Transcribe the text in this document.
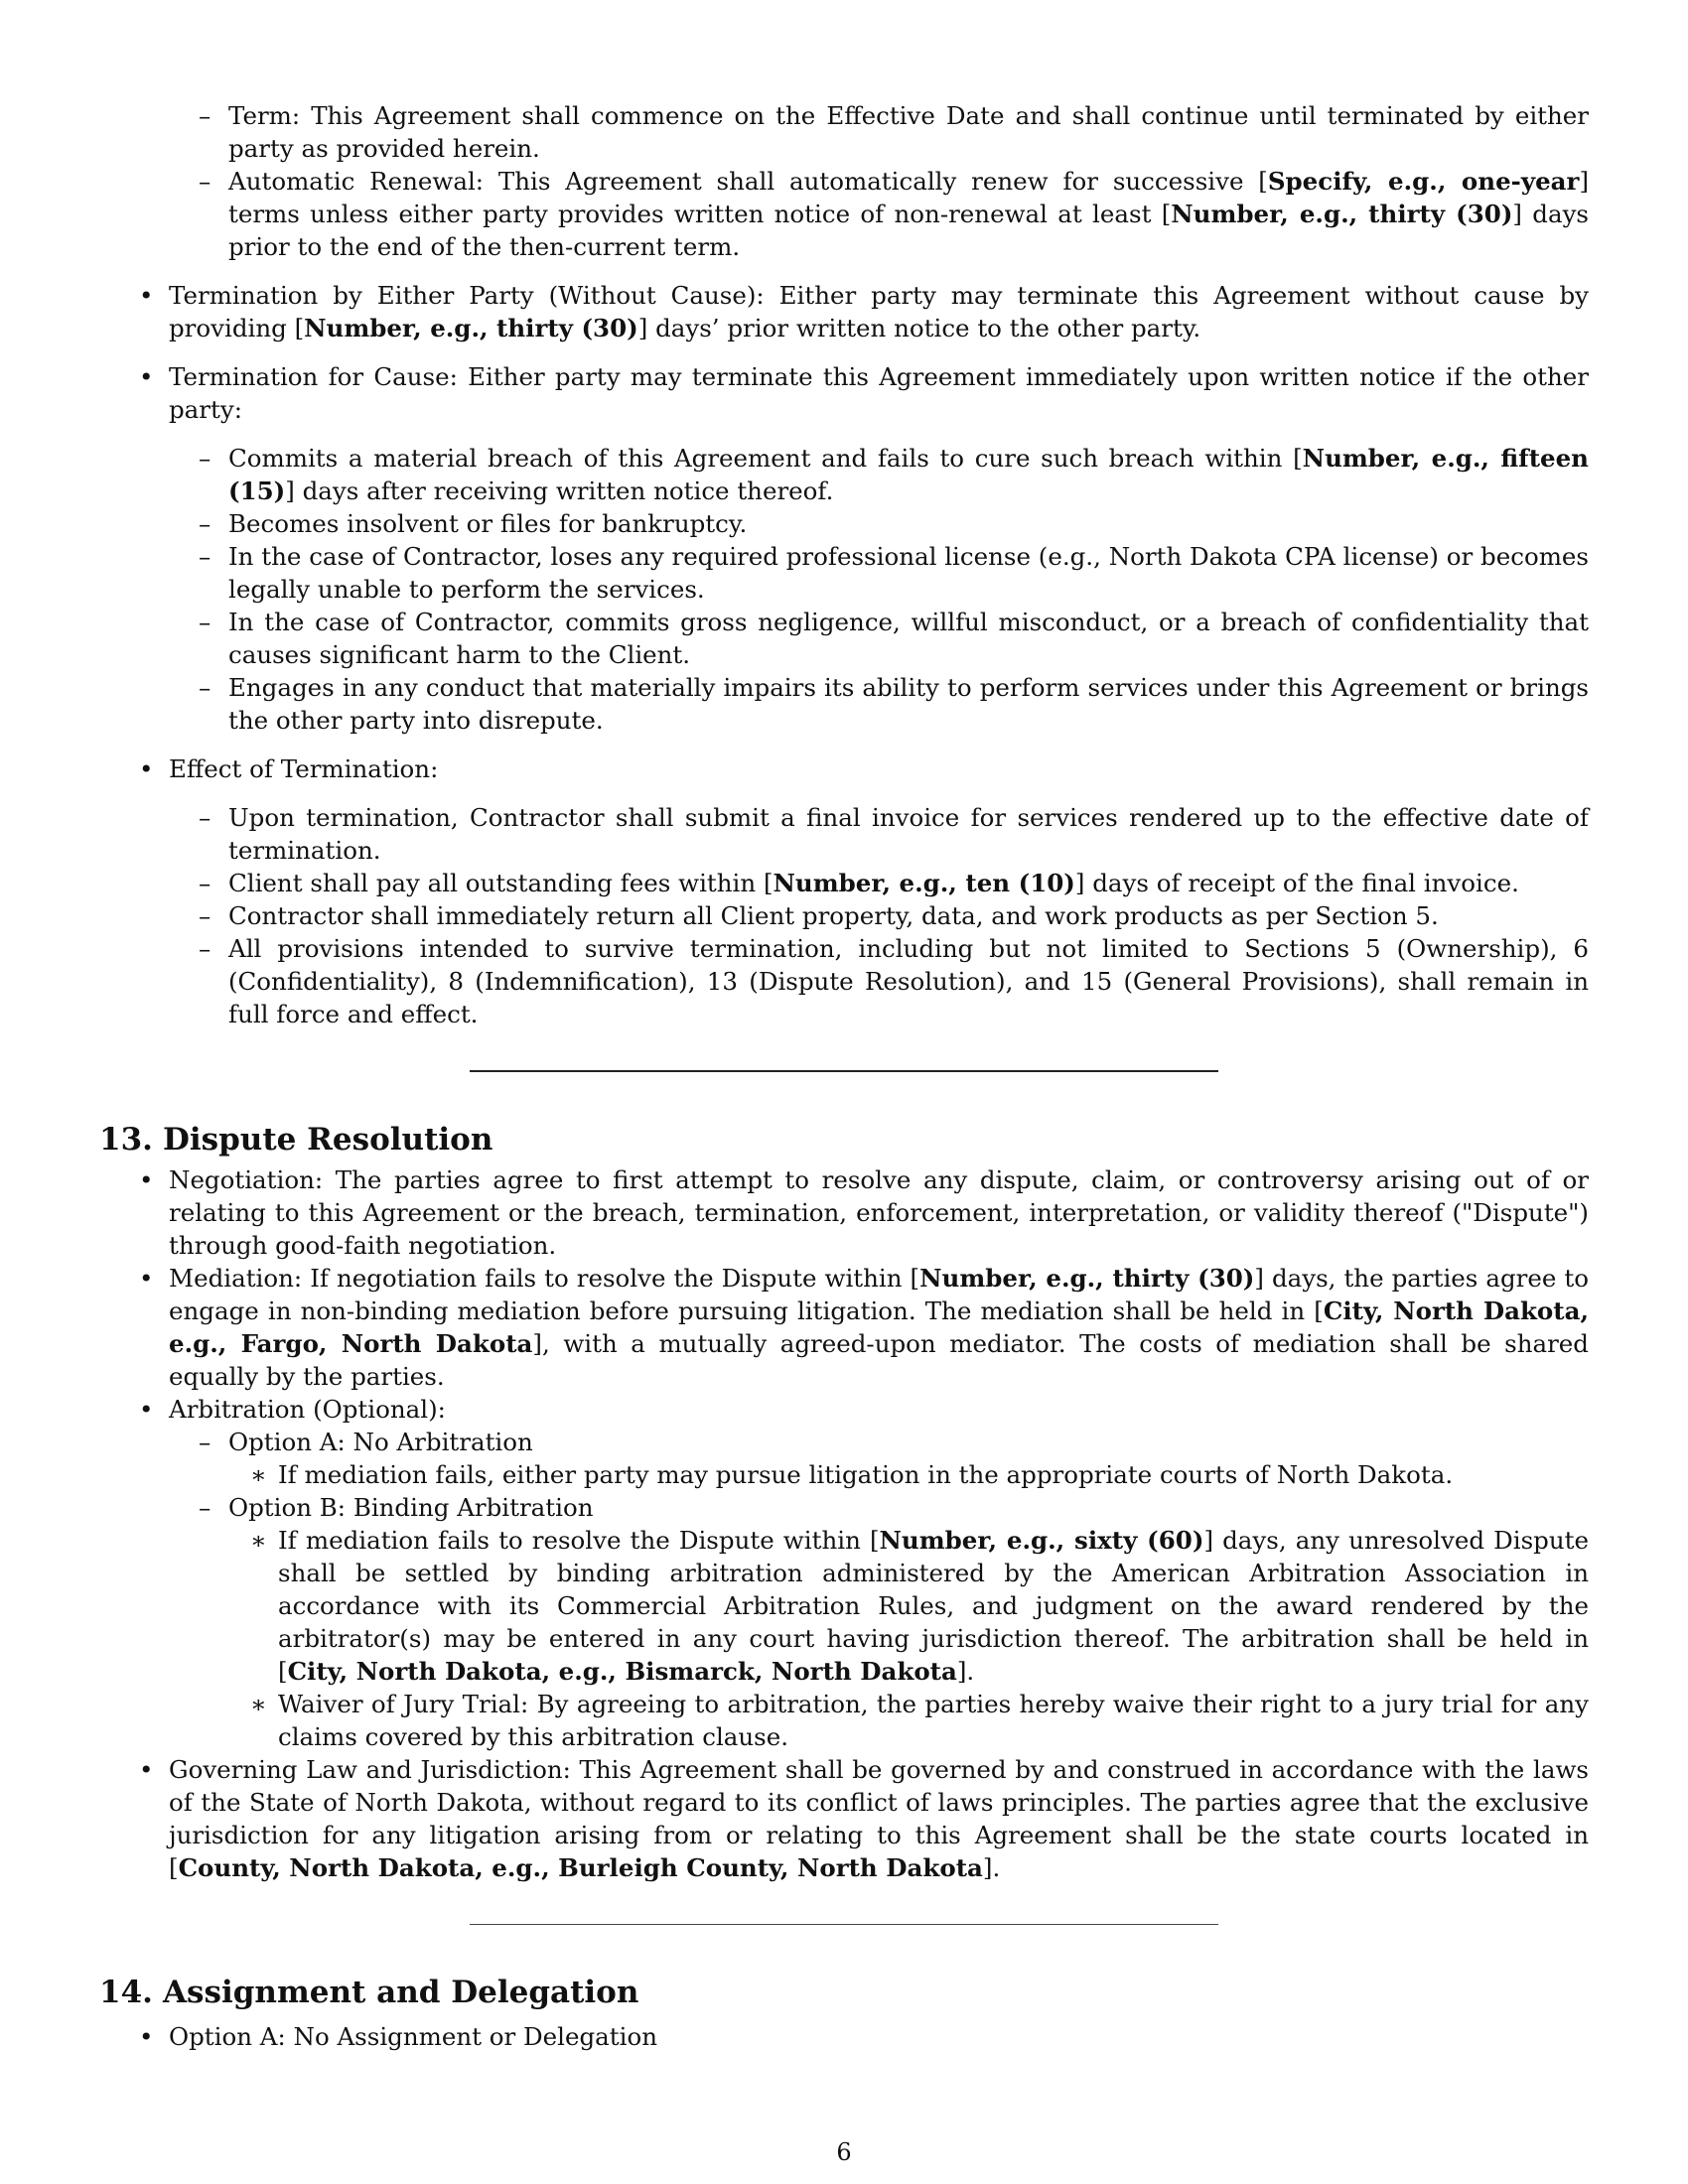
–
Term: This Agreement shall commence on the Effective Date and shall continue until terminated by either party as provided herein.
–
Automatic Renewal: This Agreement shall automatically renew for successive [Specify, e.g., one-year] terms unless either party provides written notice of non-renewal at least [Number, e.g., thirty (30)] days prior to the end of the then-current term.
•
Termination by Either Party (Without Cause): Either party may terminate this Agreement without cause by providing [Number, e.g., thirty (30)] days’ prior written notice to the other party.
•
Termination for Cause: Either party may terminate this Agreement immediately upon written notice if the other party:
–
Commits a material breach of this Agreement and fails to cure such breach within [Number, e.g., fifteen (15)] days after receiving written notice thereof.
–
Becomes insolvent or files for bankruptcy.
–
In the case of Contractor, loses any required professional license (e.g., North Dakota CPA license) or becomes legally unable to perform the services.
–
In the case of Contractor, commits gross negligence, willful misconduct, or a breach of confidentiality that causes significant harm to the Client.
–
Engages in any conduct that materially impairs its ability to perform services under this Agreement or brings the other party into disrepute.
•
Effect of Termination:
–
Upon termination, Contractor shall submit a final invoice for services rendered up to the effective date of termination.
–
Client shall pay all outstanding fees within [Number, e.g., ten (10)] days of receipt of the final invoice.
–
Contractor shall immediately return all Client property, data, and work products as per Section 5.
–
All provisions intended to survive termination, including but not limited to Sections 5 (Ownership), 6 (Confidentiality), 8 (Indemnification), 13 (Dispute Resolution), and 15 (General Provisions), shall remain in full force and effect.
13. Dispute Resolution
•
Negotiation: The parties agree to first attempt to resolve any dispute, claim, or controversy arising out of or relating to this Agreement or the breach, termination, enforcement, interpretation, or validity thereof ("Dispute") through good-faith negotiation.
•
Mediation: If negotiation fails to resolve the Dispute within [Number, e.g., thirty (30)] days, the parties agree to engage in non-binding mediation before pursuing litigation. The mediation shall be held in [City, North Dakota, e.g., Fargo, North Dakota], with a mutually agreed-upon mediator. The costs of mediation shall be shared equally by the parties.
•
Arbitration (Optional):
–
Option A: No Arbitration
∗
If mediation fails, either party may pursue litigation in the appropriate courts of North Dakota.
–
Option B: Binding Arbitration
∗
If mediation fails to resolve the Dispute within [Number, e.g., sixty (60)] days, any unresolved Dispute shall be settled by binding arbitration administered by the American Arbitration Association in accordance with its Commercial Arbitration Rules, and judgment on the award rendered by the arbitrator(s) may be entered in any court having jurisdiction thereof. The arbitration shall be held in [City, North Dakota, e.g., Bismarck, North Dakota].
∗
Waiver of Jury Trial: By agreeing to arbitration, the parties hereby waive their right to a jury trial for any claims covered by this arbitration clause.
•
Governing Law and Jurisdiction: This Agreement shall be governed by and construed in accordance with the laws of the State of North Dakota, without regard to its conflict of laws principles. The parties agree that the exclusive jurisdiction for any litigation arising from or relating to this Agreement shall be the state courts located in [County, North Dakota, e.g., Burleigh County, North Dakota].
14. Assignment and Delegation
•
Option A: No Assignment or Delegation
6
